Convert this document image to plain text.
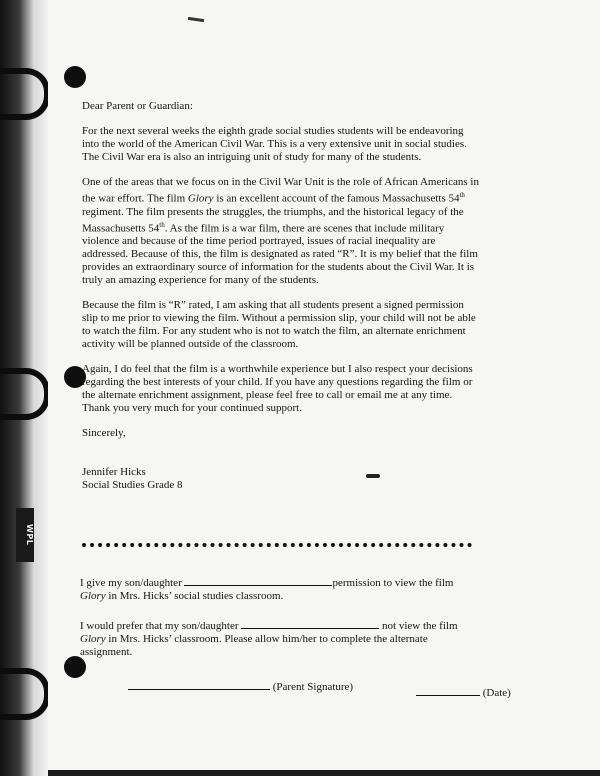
WPL

Dear Parent or Guardian:

For the next several weeks the eighth grade social studies students will be endeavoring into the world of the American Civil War. This is a very extensive unit in social studies. The Civil War era is also an intriguing unit of study for many of the students.

One of the areas that we focus on in the Civil War Unit is the role of African Americans in the war effort. The film Glory is an excellent account of the famous Massachusetts 54th regiment. The film presents the struggles, the triumphs, and the historical legacy of the Massachusetts 54th. As the film is a war film, there are scenes that include military violence and because of the time period portrayed, issues of racial inequality are addressed. Because of this, the film is designated as rated “R”. It is my belief that the film provides an extraordinary source of information for the students about the Civil War. It is truly an amazing experience for many of the students.

Because the film is “R” rated, I am asking that all students present a signed permission slip to me prior to viewing the film. Without a permission slip, your child will not be able to watch the film. For any student who is not to watch the film, an alternate enrichment activity will be planned outside of the classroom.

Again, I do feel that the film is a worthwhile experience but I also respect your decisions regarding the best interests of your child. If you have any questions regarding the film or the alternate enrichment assignment, please feel free to call or email me at any time. Thank you very much for your continued support.

Sincerely,

Jennifer Hicks
Social Studies Grade 8

I give my son/daughter	permission to view the film Glory in Mrs. Hicks’ social studies classroom.

I would prefer that my son/daughter	not view the film Glory in Mrs. Hicks’ classroom. Please allow him/her to complete the alternate assignment.

(Parent Signature)	(Date)
